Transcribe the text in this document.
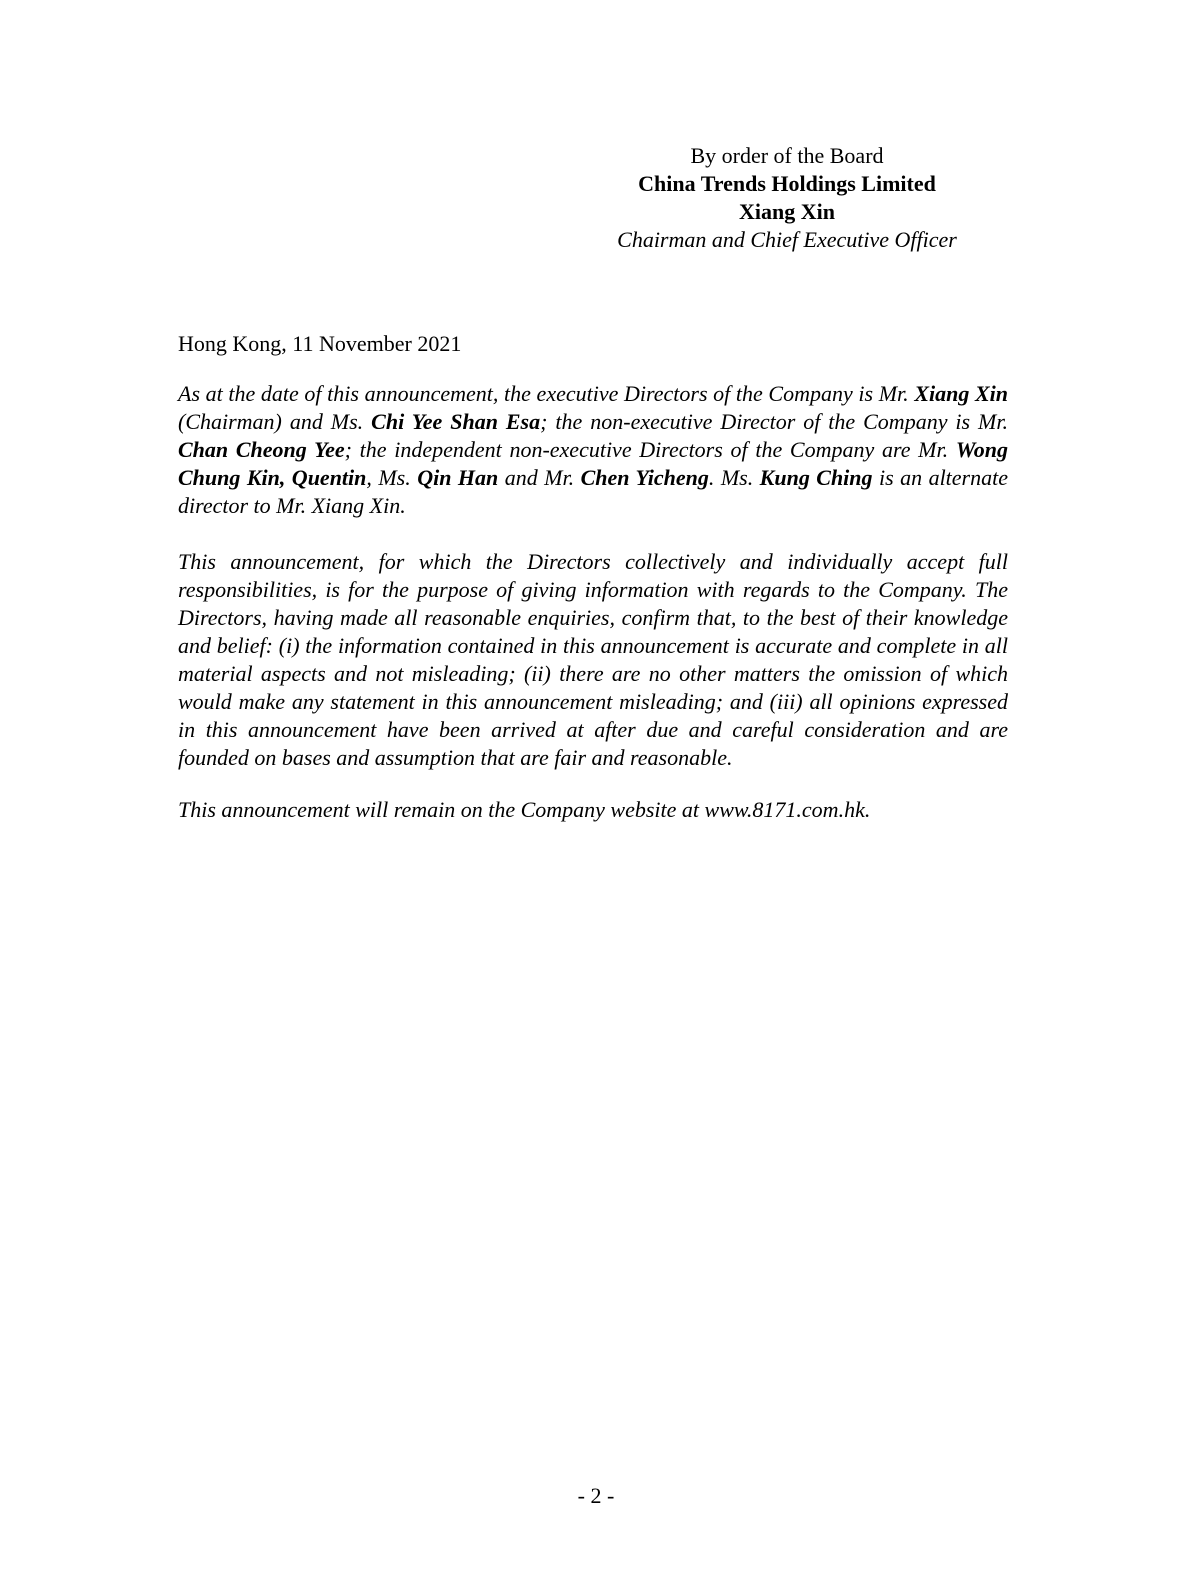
By order of the Board
China Trends Holdings Limited
Xiang Xin
Chairman and Chief Executive Officer
Hong Kong, 11 November 2021

As at the date of this announcement, the executive Directors of the Company is Mr. Xiang Xin (Chairman) and Ms. Chi Yee Shan Esa; the non-executive Director of the Company is Mr. Chan Cheong Yee; the independent non-executive Directors of the Company are Mr. Wong Chung Kin, Quentin, Ms. Qin Han and Mr. Chen Yicheng. Ms. Kung Ching is an alternate director to Mr. Xiang Xin.

This announcement, for which the Directors collectively and individually accept full responsibilities, is for the purpose of giving information with regards to the Company. The Directors, having made all reasonable enquiries, confirm that, to the best of their knowledge and belief: (i) the information contained in this announcement is accurate and complete in all material aspects and not misleading; (ii) there are no other matters the omission of which would make any statement in this announcement misleading; and (iii) all opinions expressed in this announcement have been arrived at after due and careful consideration and are founded on bases and assumption that are fair and reasonable.

This announcement will remain on the Company website at www.8171.com.hk.

- 2 -
